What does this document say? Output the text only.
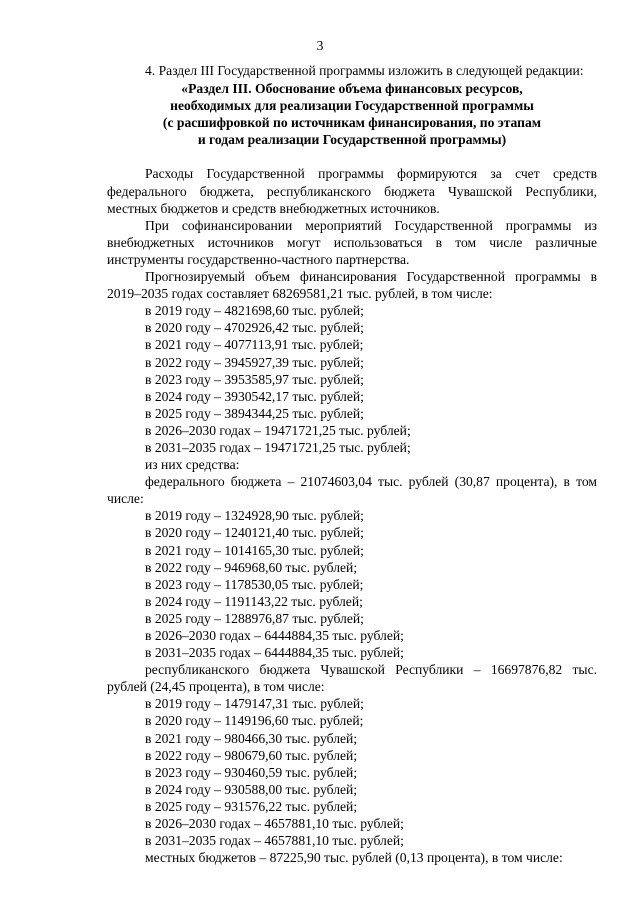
3

4. Раздел III Государственной программы изложить в следующей редакции:

«Раздел III. Обоснование объема финансовых ресурсов,

необходимых для реализации Государственной программы

(с расшифровкой по источникам финансирования, по этапам

и годам реализации Государственной программы)

Расходы Государственной программы формируются за счет средств федерального бюджета, республиканского бюджета Чувашской Республики, местных бюджетов и средств внебюджетных источников.

При софинансировании мероприятий Государственной программы из внебюджетных источников могут использоваться в том числе различные инструменты государственно-частного партнерства.

Прогнозируемый объем финансирования Государственной программы в 2019–2035 годах составляет 68269581,21 тыс. рублей, в том числе:

в 2019 году – 4821698,60 тыс. рублей;

в 2020 году – 4702926,42 тыс. рублей;

в 2021 году – 4077113,91 тыс. рублей;

в 2022 году – 3945927,39 тыс. рублей;

в 2023 году – 3953585,97 тыс. рублей;

в 2024 году – 3930542,17 тыс. рублей;

в 2025 году – 3894344,25 тыс. рублей;

в 2026–2030 годах – 19471721,25 тыс. рублей;

в 2031–2035 годах – 19471721,25 тыс. рублей;

из них средства:

федерального бюджета – 21074603,04 тыс. рублей (30,87 процента), в том числе:

в 2019 году – 1324928,90 тыс. рублей;

в 2020 году – 1240121,40 тыс. рублей;

в 2021 году – 1014165,30 тыс. рублей;

в 2022 году – 946968,60 тыс. рублей;

в 2023 году – 1178530,05 тыс. рублей;

в 2024 году – 1191143,22 тыс. рублей;

в 2025 году – 1288976,87 тыс. рублей;

в 2026–2030 годах – 6444884,35 тыс. рублей;

в 2031–2035 годах – 6444884,35 тыс. рублей;

республиканского бюджета Чувашской Республики – 16697876,82 тыс. рублей (24,45 процента), в том числе:

в 2019 году – 1479147,31 тыс. рублей;

в 2020 году – 1149196,60 тыс. рублей;

в 2021 году – 980466,30 тыс. рублей;

в 2022 году – 980679,60 тыс. рублей;

в 2023 году – 930460,59 тыс. рублей;

в 2024 году – 930588,00 тыс. рублей;

в 2025 году – 931576,22 тыс. рублей;

в 2026–2030 годах – 4657881,10 тыс. рублей;

в 2031–2035 годах – 4657881,10 тыс. рублей;

местных бюджетов – 87225,90 тыс. рублей (0,13 процента), в том числе:
